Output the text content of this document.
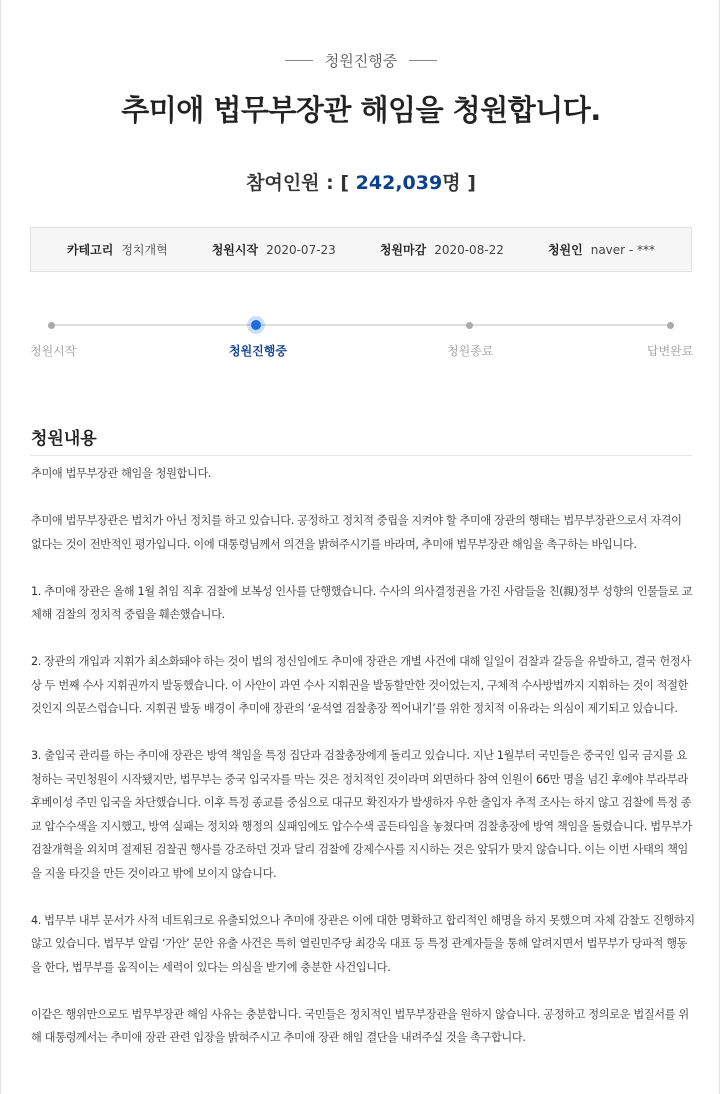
청원진행중
추미애 법무부장관 해임을 청원합니다.
참여인원 : [ 242,039명 ]
카테고리 정치개혁	청원시작 2020-07-23	청원마감 2020-08-22	청원인 naver - ***
청원시작	청원진행중	청원종료	답변완료
청원내용

추미애 법무부장관 해임을 청원합니다.

추미애 법무부장관은 법치가 아닌 정치를 하고 있습니다. 공정하고 정치적 중립을 지켜야 할 추미애 장관의 행태는 법무부장관으로서 자격이 없다는 것이 전반적인 평가입니다. 이에 대통령님께서 의견을 밝혀주시기를 바라며, 추미애 법무부장관 해임을 촉구하는 바입니다.

1. 추미애 장관은 올해 1월 취임 직후 검찰에 보복성 인사를 단행했습니다. 수사의 의사결정권을 가진 사람들을 친(親)정부 성향의 인물들로 교체해 검찰의 정치적 중립을 훼손했습니다.

2. 장관의 개입과 지휘가 최소화돼야 하는 것이 법의 정신임에도 추미애 장관은 개별 사건에 대해 일일이 검찰과 갈등을 유발하고, 결국 헌정사상 두 번째 수사 지휘권까지 발동했습니다. 이 사안이 과연 수사 지휘권을 발동할만한 것이었는지, 구체적 수사방법까지 지휘하는 것이 적절한 것인지 의문스럽습니다. 지휘권 발동 배경이 추미애 장관의 ‘윤석열 검찰총장 찍어내기’를 위한 정치적 이유라는 의심이 제기되고 있습니다.

3. 출입국 관리를 하는 추미애 장관은 방역 책임을 특정 집단과 검찰총장에게 돌리고 있습니다. 지난 1월부터 국민들은 중국인 입국 금지를 요청하는 국민청원이 시작됐지만, 법무부는 중국 입국자를 막는 것은 정치적인 것이라며 외면하다 참여 인원이 66만 명을 넘긴 후에야 부라부라 후베이성 주민 입국을 차단했습니다. 이후 특정 종교를 중심으로 대규모 확진자가 발생하자 우한 출입자 추적 조사는 하지 않고 검찰에 특정 종교 압수수색을 지시했고, 방역 실패는 정치와 행정의 실패임에도 압수수색 골든타임을 놓쳤다며 검찰총장에 방역 책임을 돌렸습니다. 법무부가 검찰개혁을 외치며 절제된 검찰권 행사를 강조하던 것과 달리 검찰에 강제수사를 지시하는 것은 앞뒤가 맞지 않습니다. 이는 이번 사태의 책임을 지울 타깃을 만든 것이라고 밖에 보이지 않습니다.

4. 법무부 내부 문서가 사적 네트워크로 유출되었으나 추미애 장관은 이에 대한 명확하고 합리적인 해명을 하지 못했으며 자체 감찰도 진행하지 않고 있습니다. 법무부 알림 ‘가안’ 문안 유출 사건은 특히 열린민주당 최강욱 대표 등 특정 관계자들을 통해 알려지면서 법무부가 당파적 행동을 한다, 법무부를 움직이는 세력이 있다는 의심을 받기에 충분한 사건입니다.

이같은 행위만으로도 법무부장관 해임 사유는 충분합니다. 국민들은 정치적인 법무부장관을 원하지 않습니다. 공정하고 정의로운 법질서를 위해 대통령께서는 추미애 장관 관련 입장을 밝혀주시고 추미애 장관 해임 결단을 내려주실 것을 촉구합니다.
